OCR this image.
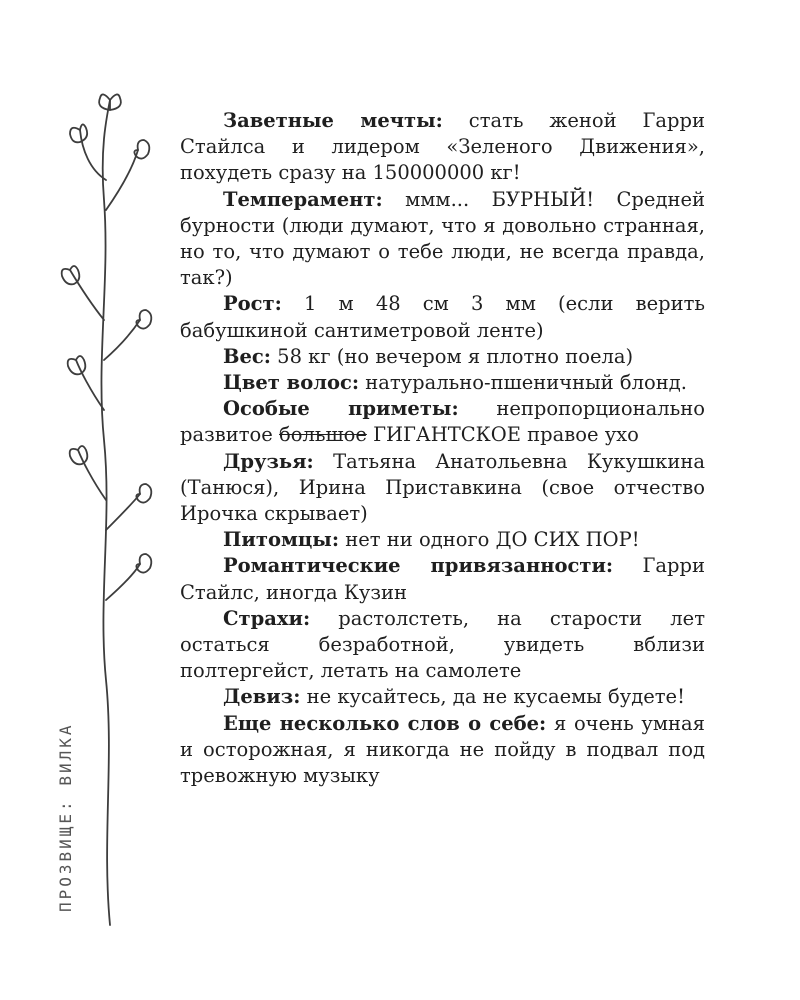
ПРОЗВИЩЕ: ВИЛКА

Заветные мечты: стать женой Гарри Стайлса и лидером «Зеленого Движения», похудеть сразу на 150000000 кг!

Темперамент: ммм... БУРНЫЙ! Средней бурности (люди думают, что я довольно странная, но то, что думают о тебе люди, не всегда правда, так?)

Рост: 1 м 48 см 3 мм (если верить бабушкиной сантиметровой ленте)

Вес: 58 кг (но вечером я плотно поела)

Цвет волос: натурально-пшеничный блонд.

Особые приметы: непропорционально развитое большое ГИГАНТСКОЕ правое ухо

Друзья: Татьяна Анатольевна Кукушкина (Танюся), Ирина Приставкина (свое отчество Ирочка скрывает)

Питомцы: нет ни одного ДО СИХ ПОР!

Романтические привязанности: Гарри Стайлс, иногда Кузин

Страхи: растолстеть, на старости лет остаться безработной, увидеть вблизи полтергейст, летать на самолете

Девиз: не кусайтесь, да не кусаемы будете!

Еще несколько слов о себе: я очень умная и осторожная, я никогда не пойду в подвал под тревожную музыку
